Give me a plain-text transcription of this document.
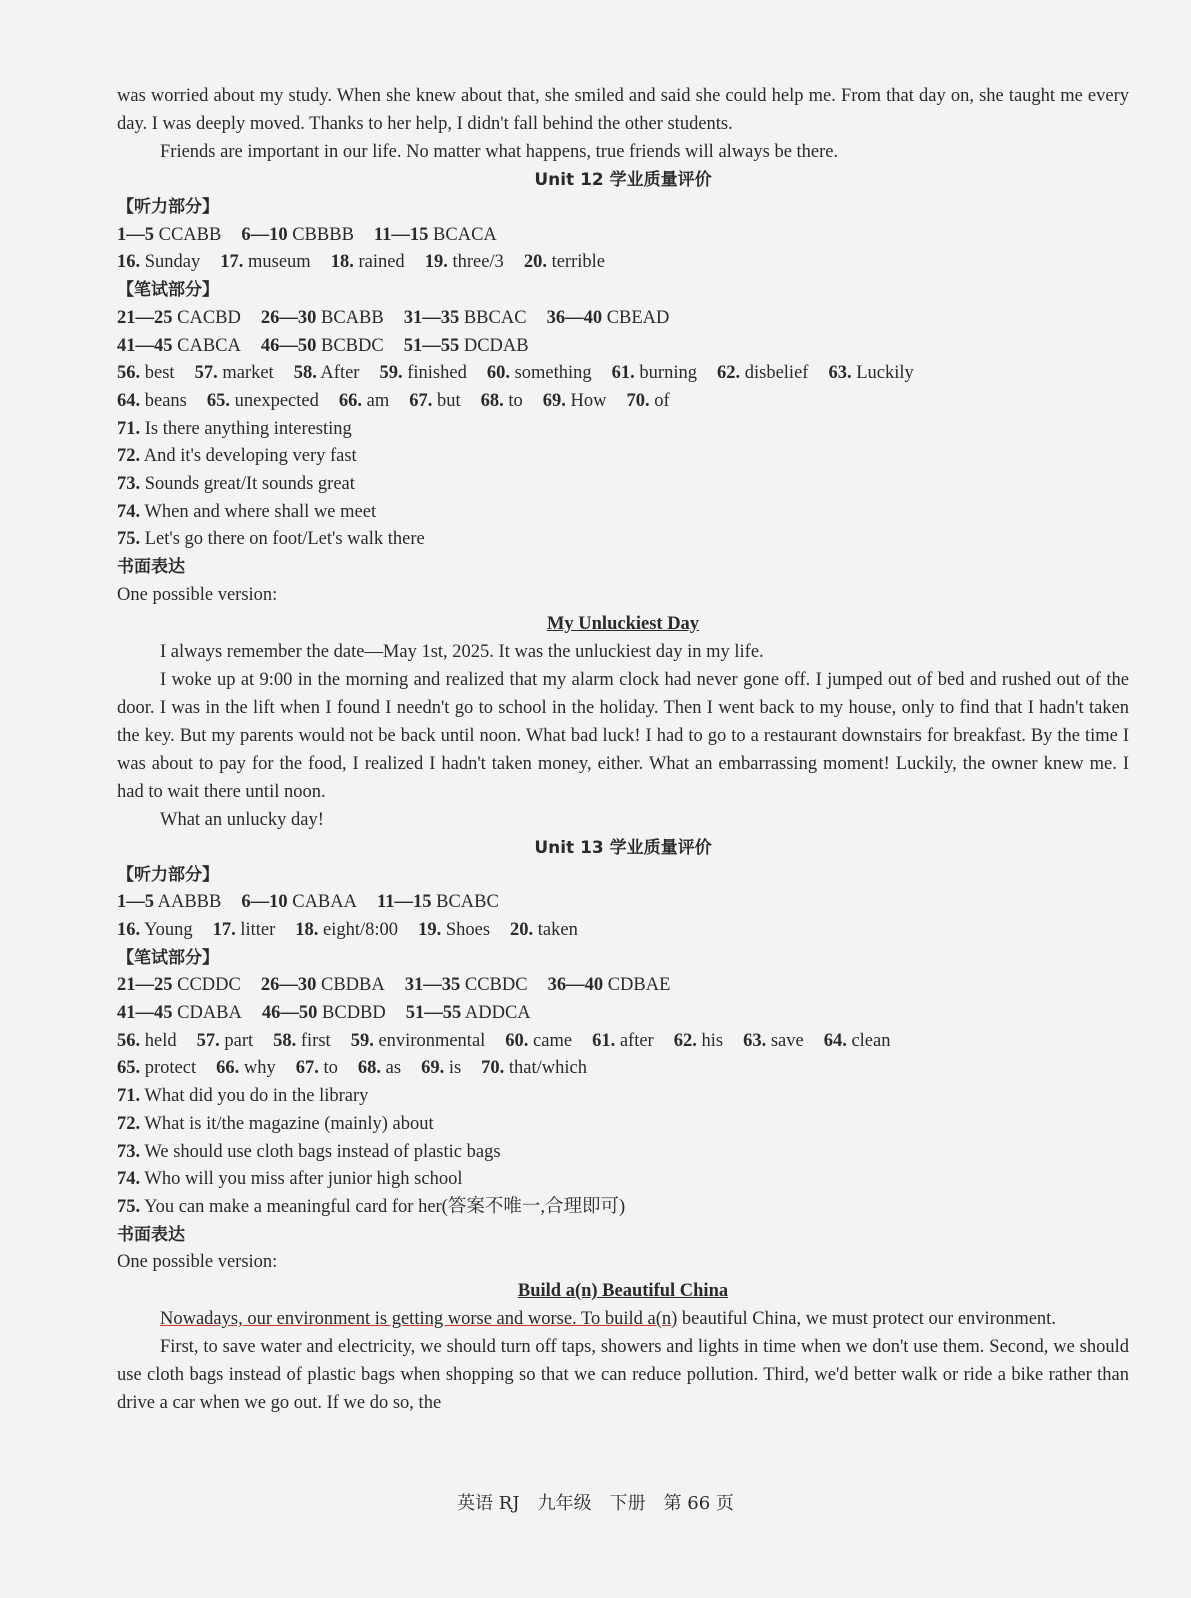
was worried about my study. When she knew about that, she smiled and said she could help me. From that day on, she taught me every day. I was deeply moved. Thanks to her help, I didn't fall behind the other students.

Friends are important in our life. No matter what happens, true friends will always be there.

Unit 12 学业质量评价
【听力部分】
1—5 CCABB 6—10 CBBBB 11—15 BCACA
16. Sunday 17. museum 18. rained 19. three/3 20. terrible
【笔试部分】
21—25 CACBD 26—30 BCABB 31—35 BBCAC 36—40 CBEAD
41—45 CABCA 46—50 BCBDC 51—55 DCDAB
56. best 57. market 58. After 59. finished 60. something 61. burning 62. disbelief 63. Luckily
64. beans 65. unexpected 66. am 67. but 68. to 69. How 70. of
71. Is there anything interesting
72. And it's developing very fast
73. Sounds great/It sounds great
74. When and where shall we meet
75. Let's go there on foot/Let's walk there
书面表达
One possible version:
My Unluckiest Day

I always remember the date—May 1st, 2025. It was the unluckiest day in my life.

I woke up at 9:00 in the morning and realized that my alarm clock had never gone off. I jumped out of bed and rushed out of the door. I was in the lift when I found I needn't go to school in the holiday. Then I went back to my house, only to find that I hadn't taken the key. But my parents would not be back until noon. What bad luck! I had to go to a restaurant downstairs for breakfast. By the time I was about to pay for the food, I realized I hadn't taken money, either. What an embarrassing moment! Luckily, the owner knew me. I had to wait there until noon.

What an unlucky day!

Unit 13 学业质量评价
【听力部分】
1—5 AABBB 6—10 CABAA 11—15 BCABC
16. Young 17. litter 18. eight/8:00 19. Shoes 20. taken
【笔试部分】
21—25 CCDDC 26—30 CBDBA 31—35 CCBDC 36—40 CDBAE
41—45 CDABA 46—50 BCDBD 51—55 ADDCA
56. held 57. part 58. first 59. environmental 60. came 61. after 62. his 63. save 64. clean
65. protect 66. why 67. to 68. as 69. is 70. that/which
71. What did you do in the library
72. What is it/the magazine (mainly) about
73. We should use cloth bags instead of plastic bags
74. Who will you miss after junior high school
75. You can make a meaningful card for her(答案不唯一,合理即可)
书面表达
One possible version:
Build a(n) Beautiful China

Nowadays, our environment is getting worse and worse. To build a(n) beautiful China, we must protect our environment.

First, to save water and electricity, we should turn off taps, showers and lights in time when we don't use them. Second, we should use cloth bags instead of plastic bags when shopping so that we can reduce pollution. Third, we'd better walk or ride a bike rather than drive a car when we go out. If we do so, the

英语 RJ　九年级　下册　第 66 页
